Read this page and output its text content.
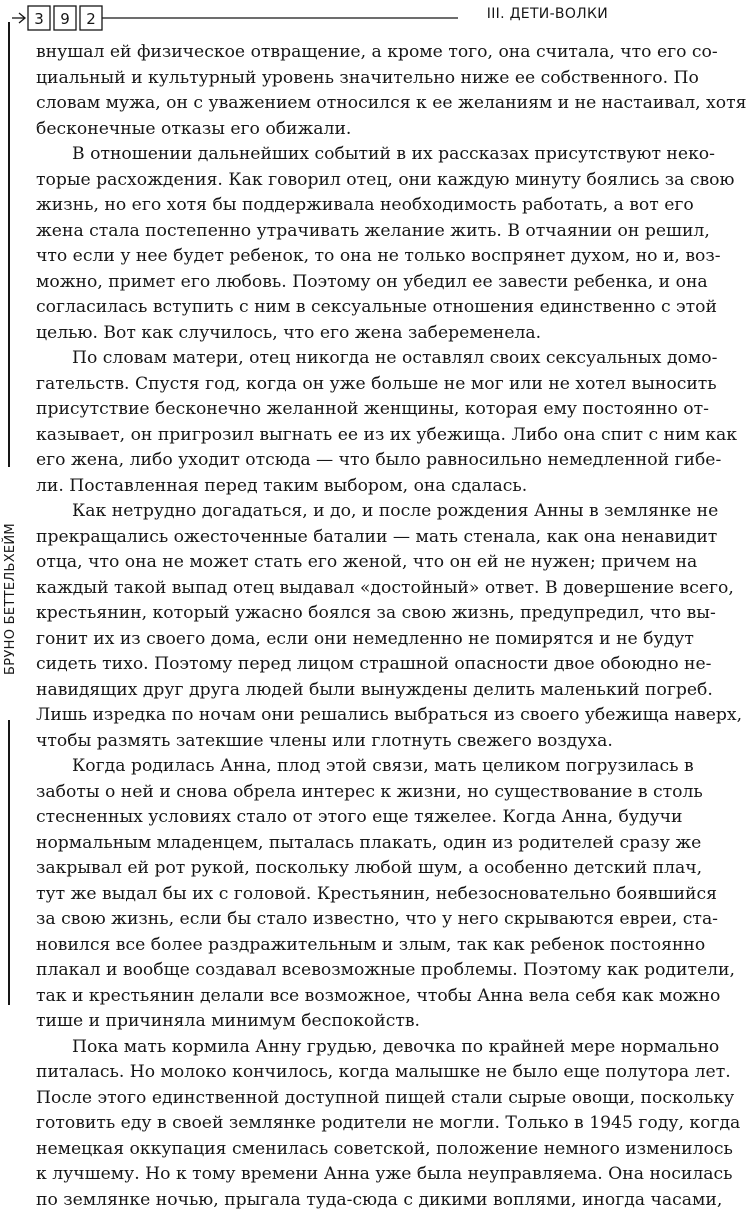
3 9 2	III. ДЕТИ-ВОЛКИ
БРУНО БЕТТЕЛЬХЕЙМ
внушал ей физическое отвращение, а кроме того, она считала, что его со-
циальный и культурный уровень значительно ниже ее собственного. По
словам мужа, он с уважением относился к ее желаниям и не настаивал, хотя
бесконечные отказы его обижали.
В отношении дальнейших событий в их рассказах присутствуют неко-
торые расхождения. Как говорил отец, они каждую минуту боялись за свою
жизнь, но его хотя бы поддерживала необходимость работать, а вот его
жена стала постепенно утрачивать желание жить. В отчаянии он решил,
что если у нее будет ребенок, то она не только воспрянет духом, но и, воз-
можно, примет его любовь. Поэтому он убедил ее завести ребенка, и она
согласилась вступить с ним в сексуальные отношения единственно с этой
целью. Вот как случилось, что его жена забеременела.
По словам матери, отец никогда не оставлял своих сексуальных домо-
гательств. Спустя год, когда он уже больше не мог или не хотел выносить
присутствие бесконечно желанной женщины, которая ему постоянно от-
казывает, он пригрозил выгнать ее из их убежища. Либо она спит с ним как
его жена, либо уходит отсюда — что было равносильно немедленной гибе-
ли. Поставленная перед таким выбором, она сдалась.
Как нетрудно догадаться, и до, и после рождения Анны в землянке не
прекращались ожесточенные баталии — мать стенала, как она ненавидит
отца, что она не может стать его женой, что он ей не нужен; причем на
каждый такой выпад отец выдавал «достойный» ответ. В довершение всего,
крестьянин, который ужасно боялся за свою жизнь, предупредил, что вы-
гонит их из своего дома, если они немедленно не помирятся и не будут
сидеть тихо. Поэтому перед лицом страшной опасности двое обоюдно не-
навидящих друг друга людей были вынуждены делить маленький погреб.
Лишь изредка по ночам они решались выбраться из своего убежища наверх,
чтобы размять затекшие члены или глотнуть свежего воздуха.
Когда родилась Анна, плод этой связи, мать целиком погрузилась в
заботы о ней и снова обрела интерес к жизни, но существование в столь
стесненных условиях стало от этого еще тяжелее. Когда Анна, будучи
нормальным младенцем, пыталась плакать, один из родителей сразу же
закрывал ей рот рукой, поскольку любой шум, а особенно детский плач,
тут же выдал бы их с головой. Крестьянин, небезосновательно боявшийся
за свою жизнь, если бы стало известно, что у него скрываются евреи, ста-
новился все более раздражительным и злым, так как ребенок постоянно
плакал и вообще создавал всевозможные проблемы. Поэтому как родители,
так и крестьянин делали все возможное, чтобы Анна вела себя как можно
тише и причиняла минимум беспокойств.
Пока мать кормила Анну грудью, девочка по крайней мере нормально
питалась. Но молоко кончилось, когда малышке не было еще полутора лет.
После этого единственной доступной пищей стали сырые овощи, поскольку
готовить еду в своей землянке родители не могли. Только в 1945 году, когда
немецкая оккупация сменилась советской, положение немного изменилось
к лучшему. Но к тому времени Анна уже была неуправляема. Она носилась
по землянке ночью, прыгала туда-сюда с дикими воплями, иногда часами,
